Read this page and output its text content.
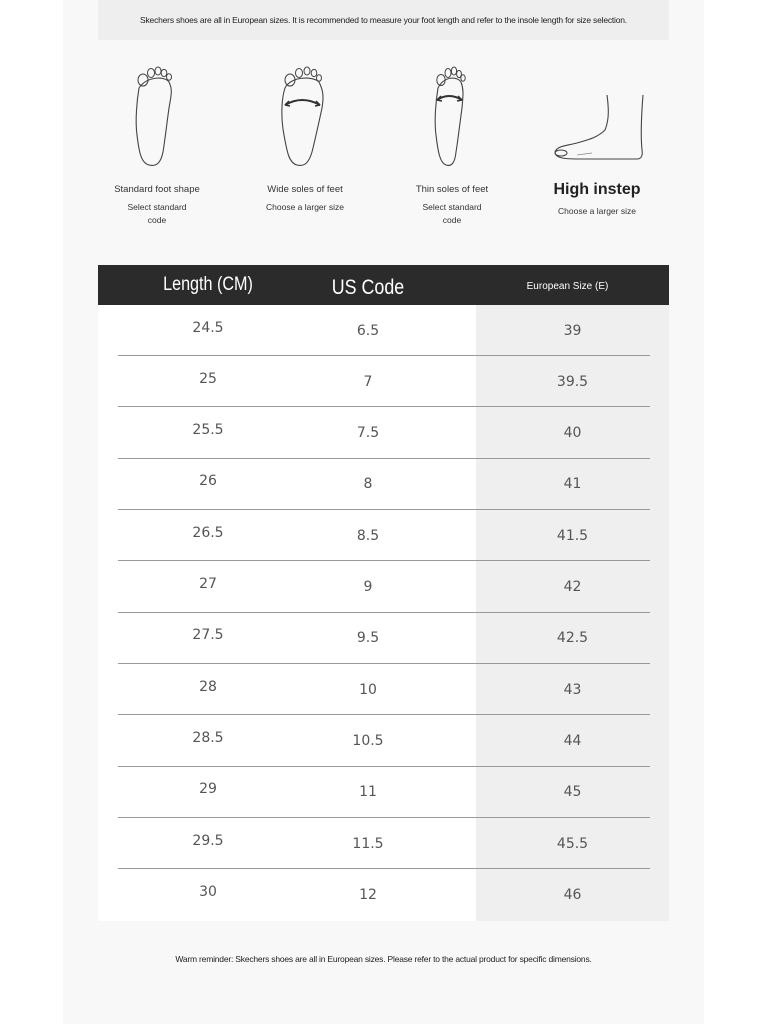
Skechers shoes are all in European sizes. It is recommended to measure your foot length and refer to the insole length for size selection.
Standard foot shape
Select standard code
Wide soles of feet
Choose a larger size
Thin soles of feet
Select standard code
High instep
Choose a larger size
Length (CM)	US Code	European Size (E)
24.5	6.5	39
25	7	39.5
25.5	7.5	40
26	8	41
26.5	8.5	41.5
27	9	42
27.5	9.5	42.5
28	10	43
28.5	10.5	44
29	11	45
29.5	11.5	45.5
30	12	46
Warm reminder: Skechers shoes are all in European sizes. Please refer to the actual product for specific dimensions.
